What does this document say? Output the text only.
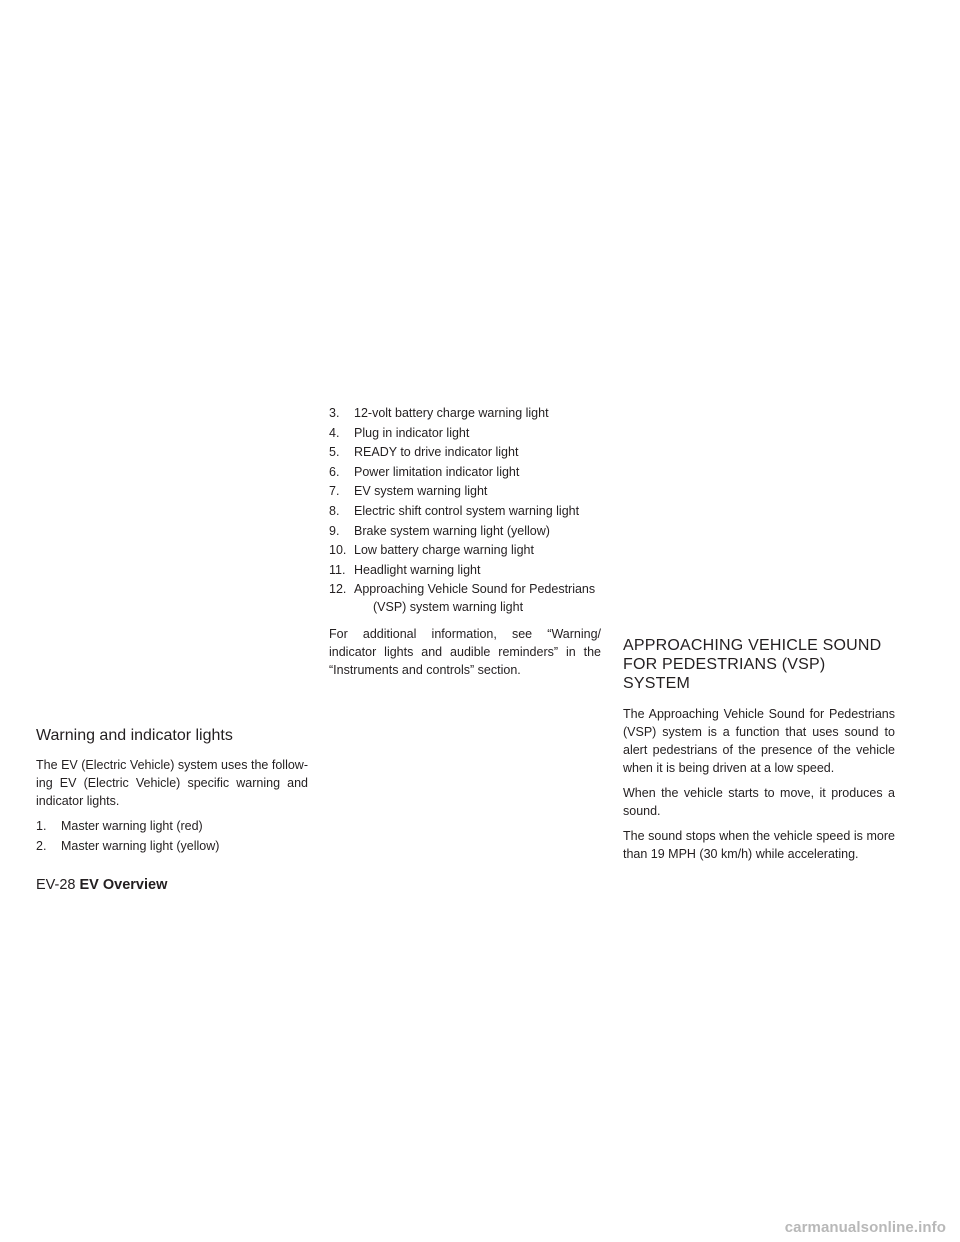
Warning and indicator lights

The EV (Electric Vehicle) system uses the follow-ing EV (Electric Vehicle) specific warning and indicator lights.

1.	Master warning light (red)
2.	Master warning light (yellow)
3.	12-volt battery charge warning light
4.	Plug in indicator light
5.	READY to drive indicator light
6.	Power limitation indicator light
7.	EV system warning light
8.	Electric shift control system warning light
9.	Brake system warning light (yellow)
10. Low battery charge warning light
11. Headlight warning light
12. Approaching Vehicle Sound for Pedestrians
(VSP) system warning light

For additional information, see “Warning/ indicator lights and audible reminders” in the “Instruments and controls” section.

APPROACHING VEHICLE SOUND
FOR PEDESTRIANS (VSP) SYSTEM

The Approaching Vehicle Sound for Pedestrians (VSP) system is a function that uses sound to alert pedestrians of the presence of the vehicle when it is being driven at a low speed.

When the vehicle starts to move, it produces a sound.

The sound stops when the vehicle speed is more than 19 MPH (30 km/h) while accelerating.

EV-28 EV Overview
carmanualsonline.info
